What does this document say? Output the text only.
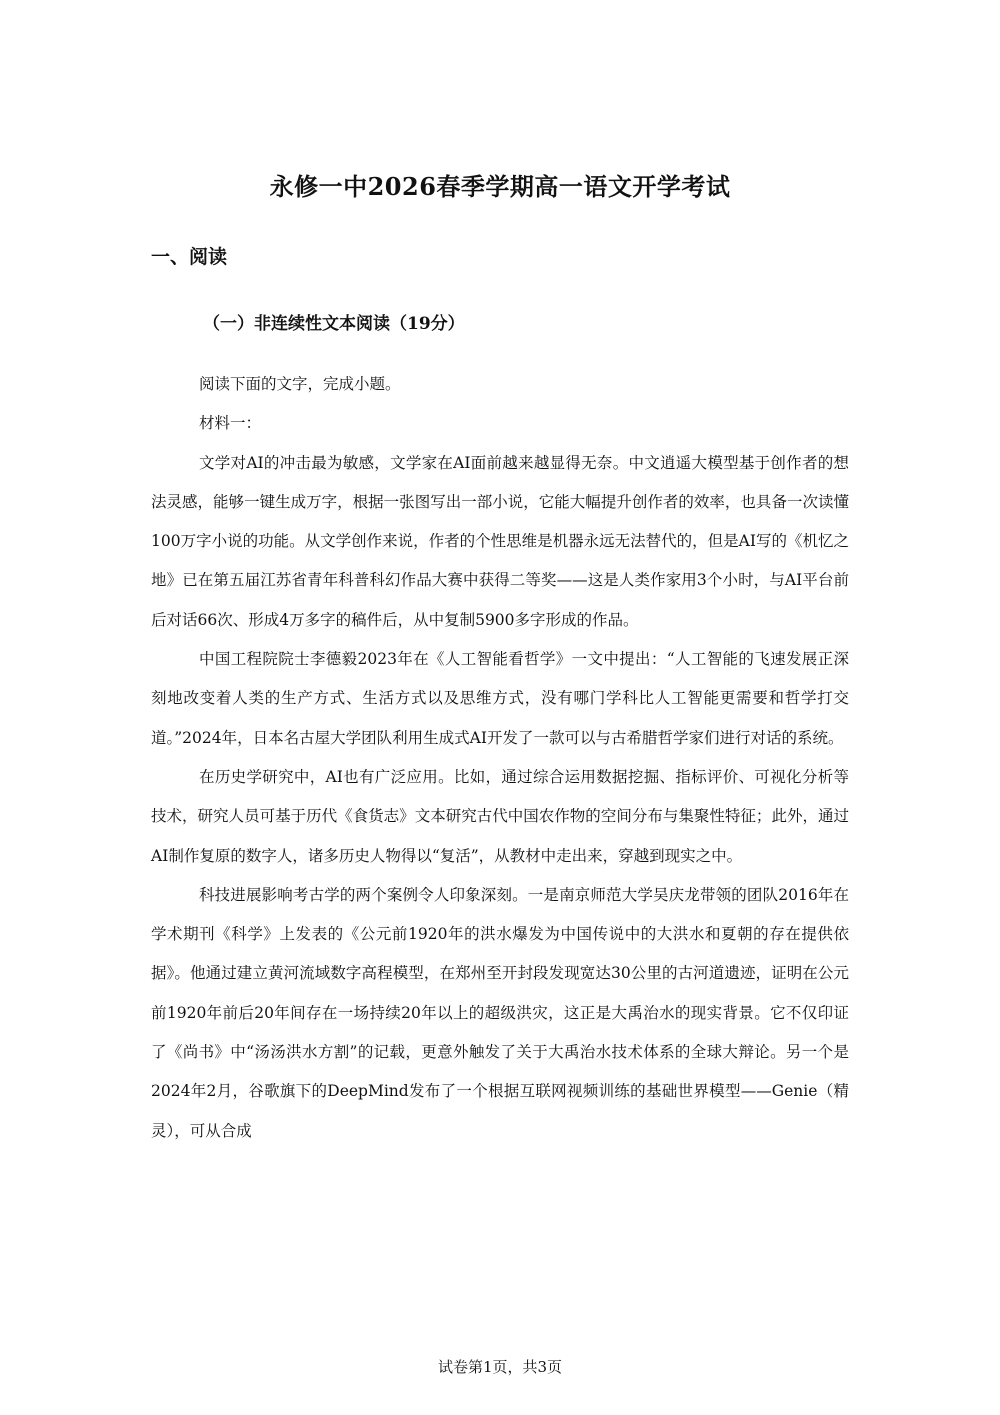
永修一中2026春季学期高一语文开学考试
一、阅读
（一）非连续性文本阅读（19分）

阅读下面的文字，完成小题。

材料一：

文学对AI的冲击最为敏感，文学家在AI面前越来越显得无奈。中文逍遥大模型基于创作者的想法灵感，能够一键生成万字，根据一张图写出一部小说，它能大幅提升创作者的效率，也具备一次读懂100万字小说的功能。从文学创作来说，作者的个性思维是机器永远无法替代的，但是AI写的《机忆之地》已在第五届江苏省青年科普科幻作品大赛中获得二等奖——这是人类作家用3个小时，与AI平台前后对话66次、形成4万多字的稿件后，从中复制5900多字形成的作品。

中国工程院院士李德毅2023年在《人工智能看哲学》一文中提出：“人工智能的飞速发展正深刻地改变着人类的生产方式、生活方式以及思维方式，没有哪门学科比人工智能更需要和哲学打交道。”2024年，日本名古屋大学团队利用生成式AI开发了一款可以与古希腊哲学家们进行对话的系统。

在历史学研究中，AI也有广泛应用。比如，通过综合运用数据挖掘、指标评价、可视化分析等技术，研究人员可基于历代《食货志》文本研究古代中国农作物的空间分布与集聚性特征；此外，通过AI制作复原的数字人，诸多历史人物得以“复活”，从教材中走出来，穿越到现实之中。

科技进展影响考古学的两个案例令人印象深刻。一是南京师范大学吴庆龙带领的团队2016年在学术期刊《科学》上发表的《公元前1920年的洪水爆发为中国传说中的大洪水和夏朝的存在提供依据》。他通过建立黄河流域数字高程模型，在郑州至开封段发现宽达30公里的古河道遗迹，证明在公元前1920年前后20年间存在一场持续20年以上的超级洪灾，这正是大禹治水的现实背景。它不仅印证了《尚书》中“汤汤洪水方割”的记载，更意外触发了关于大禹治水技术体系的全球大辩论。另一个是2024年2月，谷歌旗下的DeepMind发布了一个根据互联网视频训练的基础世界模型——Genie（精灵），可从合成

试卷第1页，共3页
